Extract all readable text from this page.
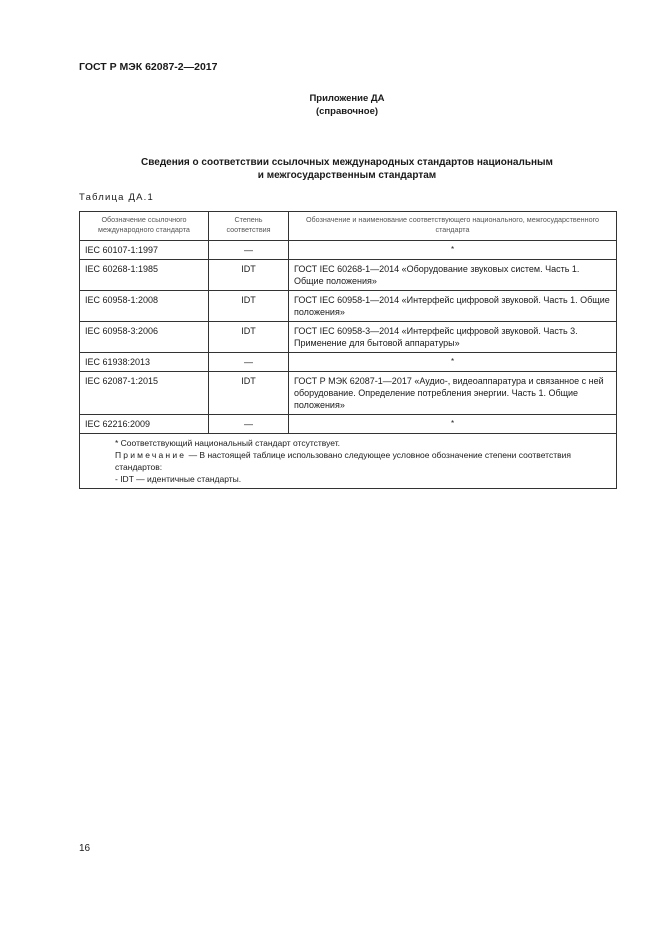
ГОСТ Р МЭК 62087-2—2017
Приложение ДА
(справочное)
Сведения о соответствии ссылочных международных стандартов национальным
и межгосударственным стандартам
Таблица ДА.1
Обозначение ссылочного международного стандарта	Степень соответствия	Обозначение и наименование соответствующего национального, межгосударственного стандарта
IEC 60107-1:1997	—	*
IEC 60268-1:1985	IDT	ГОСТ IEC 60268-1—2014 «Оборудование звуковых систем. Часть 1. Общие положения»
IEC 60958-1:2008	IDT	ГОСТ IEC 60958-1—2014 «Интерфейс цифровой звуковой. Часть 1. Общие положения»
IEC 60958-3:2006	IDT	ГОСТ IEC 60958-3—2014 «Интерфейс цифровой звуковой. Часть 3. Применение для бытовой аппаратуры»
IEC 61938:2013	—	*
IEC 62087-1:2015	IDT	ГОСТ Р МЭК 62087-1—2017 «Аудио-, видеоаппаратура и связанное с ней оборудование. Определение потребления энергии. Часть 1. Общие положения»
IEC 62216:2009	—	*

* Соответствующий национальный стандарт отсутствует.
Примечание — В настоящей таблице использовано следующее условное обозначение степени соответствия стандартов:
- IDT — идентичные стандарты.		
16
